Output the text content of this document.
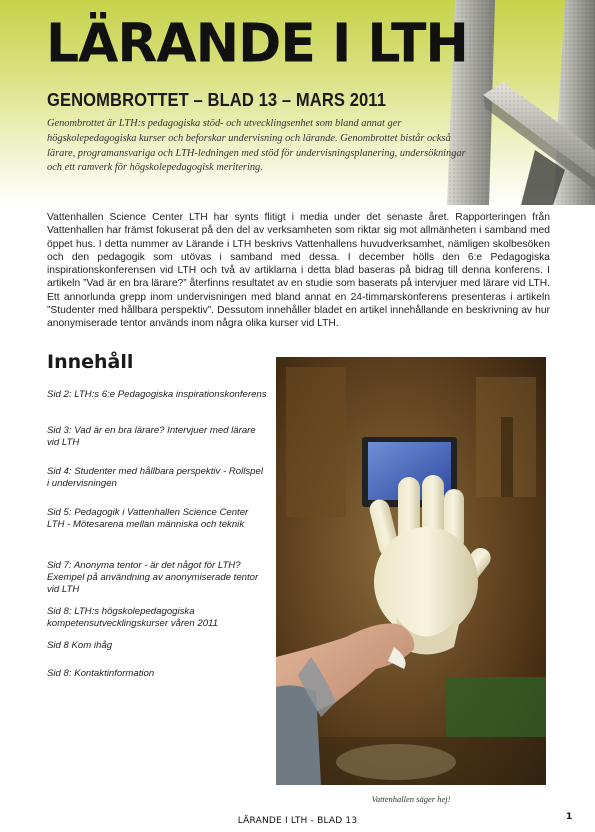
LÄRANDE I LTH
GENOMBROTTET – BLAD 13 – MARS 2011

Genombrottet är LTH:s pedagogiska stöd- och utvecklingsenhet som bland annat ger högskolepedagogiska kurser och beforskar undervisning och lärande. Genombrottet bistår också lärare, programansvariga och LTH-ledningen med stöd för undervisningsplanering, undersökningar och ett ramverk för högskolepedagogisk meritering.

Vattenhallen Science Center LTH har synts flitigt i media under det senaste året. Rapporteringen från Vattenhallen har främst fokuserat på den del av verksamheten som riktar sig mot allmänheten i samband med öppet hus. I detta nummer av Lärande i LTH beskrivs Vattenhallens huvudverksamhet, nämligen skolbesöken och den pedagogik som utövas i samband med dessa. I december hölls den 6:e Pedagogiska inspirationskonferensen vid LTH och två av artiklarna i detta blad baseras på bidrag till denna konferens. I artikeln ”Vad är en bra lärare?” återfinns resultatet av en studie som baserats på intervjuer med lärare vid LTH. Ett annorlunda grepp inom undervisningen med bland annat en 24-timmarskonferens presenteras i artikeln ”Studenter med hållbara perspektiv”. Dessutom innehåller bladet en artikel innehållande en beskrivning av hur anonymiserade tentor används inom några olika kurser vid LTH.

Innehåll
Sid 2: LTH:s 6:e Pedagogiska inspirationskonferens
Sid 3: Vad är en bra lärare? Intervjuer med lärare vid LTH
Sid 4: Studenter med hållbara perspektiv - Rollspel i undervisningen
Sid 5: Pedagogik i Vattenhallen Science Center LTH - Mötesarena mellan människa och teknik
Sid 7: Anonyma tentor - är det något för LTH? Exempel på användning av anonymiserade tentor vid LTH
Sid 8: LTH:s högskolepedagogiska kompetensutvecklingskurser våren 2011
Sid 8 Kom ihåg
Sid 8: Kontaktinformation

Vattenhallen säger hej!

LÄRANDE I LTH - BLAD 13	1
